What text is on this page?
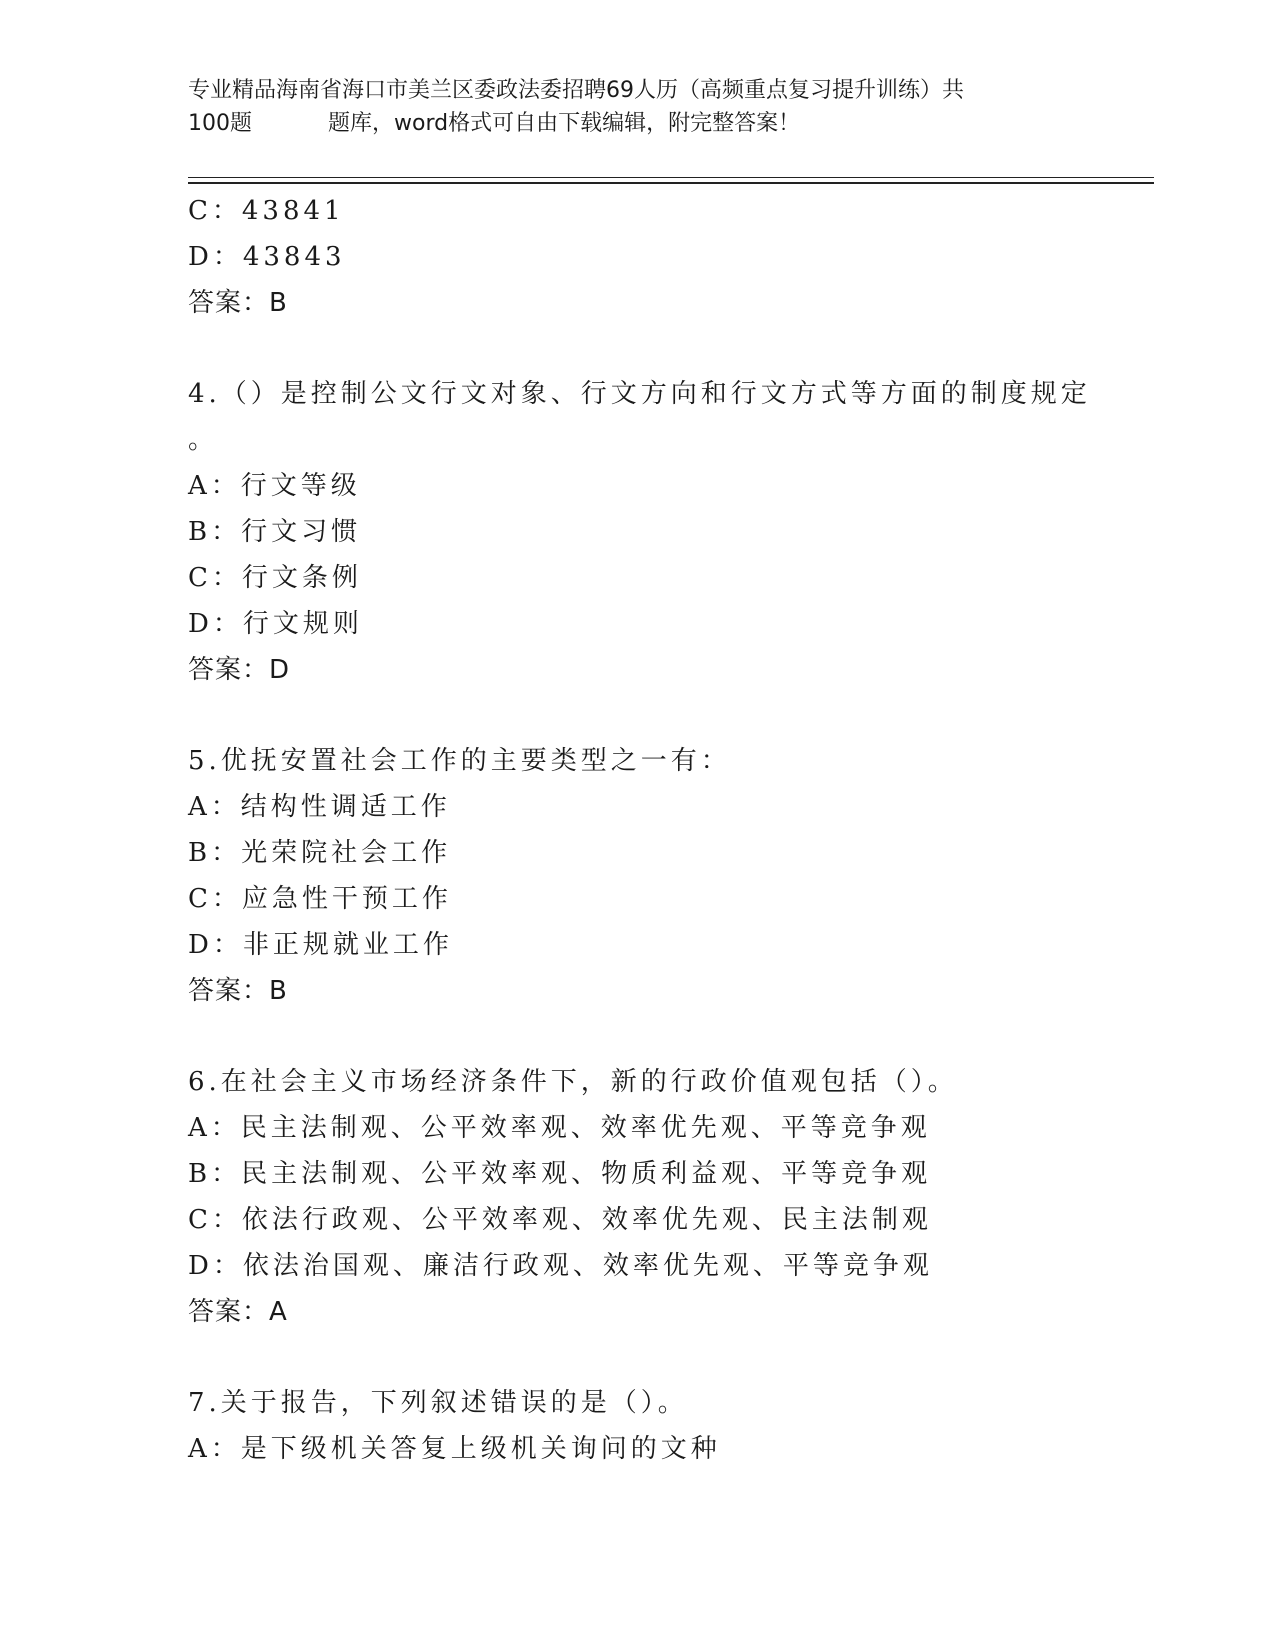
专业精品海南省海口市美兰区委政法委招聘69人历（高频重点复习提升训练）共
100题	题库，word格式可自由下载编辑，附完整答案！
C：43841
D：43843
答案：B
4.（）是控制公文行文对象、行文方向和行文方式等方面的制度规定
。
A：行文等级
B：行文习惯
C：行文条例
D：行文规则
答案：D
5.优抚安置社会工作的主要类型之一有：
A：结构性调适工作
B：光荣院社会工作
C：应急性干预工作
D：非正规就业工作
答案：B
6.在社会主义市场经济条件下，新的行政价值观包括（）。
A：民主法制观、公平效率观、效率优先观、平等竞争观
B：民主法制观、公平效率观、物质利益观、平等竞争观
C：依法行政观、公平效率观、效率优先观、民主法制观
D：依法治国观、廉洁行政观、效率优先观、平等竞争观
答案：A
7.关于报告，下列叙述错误的是（）。
A：是下级机关答复上级机关询问的文种
